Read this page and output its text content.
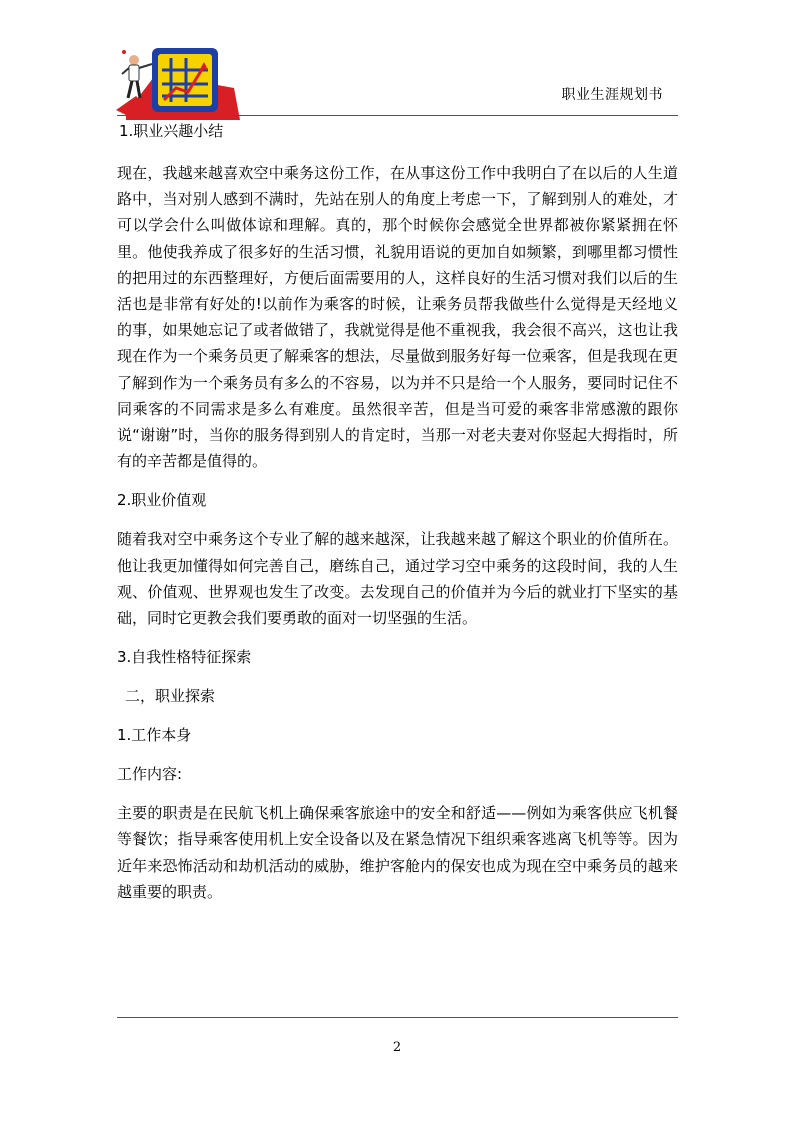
职业生涯规划书

1.职业兴趣小结

现在，我越来越喜欢空中乘务这份工作，在从事这份工作中我明白了在以后的人生道路中，当对别人感到不满时，先站在别人的角度上考虑一下，了解到别人的难处，才可以学会什么叫做体谅和理解。真的，那个时候你会感觉全世界都被你紧紧拥在怀里。他使我养成了很多好的生活习惯，礼貌用语说的更加自如频繁，到哪里都习惯性的把用过的东西整理好，方便后面需要用的人，这样良好的生活习惯对我们以后的生活也是非常有好处的!以前作为乘客的时候，让乘务员帮我做些什么觉得是天经地义的事，如果她忘记了或者做错了，我就觉得是他不重视我，我会很不高兴，这也让我现在作为一个乘务员更了解乘客的想法，尽量做到服务好每一位乘客，但是我现在更了解到作为一个乘务员有多么的不容易，以为并不只是给一个人服务，要同时记住不同乘客的不同需求是多么有难度。虽然很辛苦，但是当可爱的乘客非常感激的跟你说“谢谢”时，当你的服务得到别人的肯定时，当那一对老夫妻对你竖起大拇指时，所有的辛苦都是值得的。

2.职业价值观

随着我对空中乘务这个专业了解的越来越深，让我越来越了解这个职业的价值所在。他让我更加懂得如何完善自己，磨练自己，通过学习空中乘务的这段时间，我的人生观、价值观、世界观也发生了改变。去发现自己的价值并为今后的就业打下坚实的基础，同时它更教会我们要勇敢的面对一切坚强的生活。

3.自我性格特征探索

二，职业探索

1.工作本身

工作内容:

主要的职责是在民航飞机上确保乘客旅途中的安全和舒适——例如为乘客供应飞机餐等餐饮；指导乘客使用机上安全设备以及在紧急情况下组织乘客逃离飞机等等。因为近年来恐怖活动和劫机活动的威胁，维护客舱内的保安也成为现在空中乘务员的越来越重要的职责。

2
